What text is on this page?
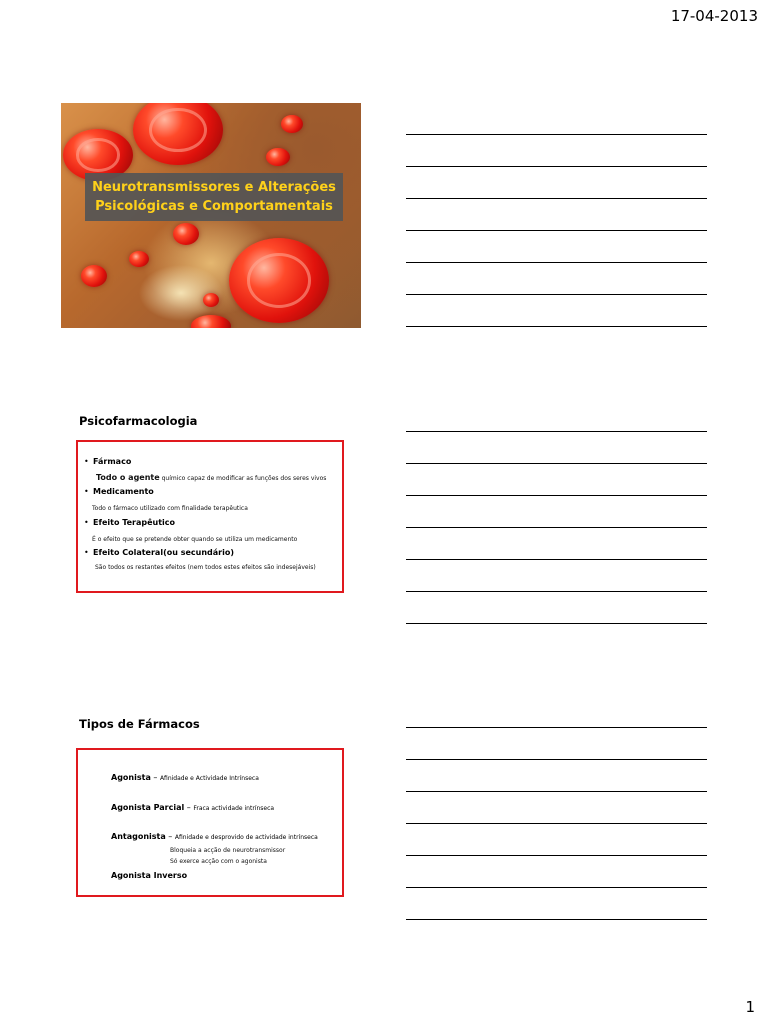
17-04-2013
Neurotransmissores e Alterações
Psicológicas e Comportamentais
Psicofarmacologia
• Fármaco
Todo o agente químico capaz de modificar as funções dos seres vivos
• Medicamento
Todo o fármaco utilizado com finalidade terapêutica
• Efeito Terapêutico
É o efeito que se pretende obter quando se utiliza um medicamento
• Efeito Colateral(ou secundário)
São todos os restantes efeitos (nem todos estes efeitos são indesejáveis)
Tipos de Fármacos
Agonista – Afinidade e Actividade Intrínseca
Agonista Parcial – Fraca actividade intrínseca
Antagonista – Afinidade e desprovido de actividade intrínseca
Bloqueia a acção de neurotransmissor
Só exerce acção com o agonista
Agonista Inverso
1
